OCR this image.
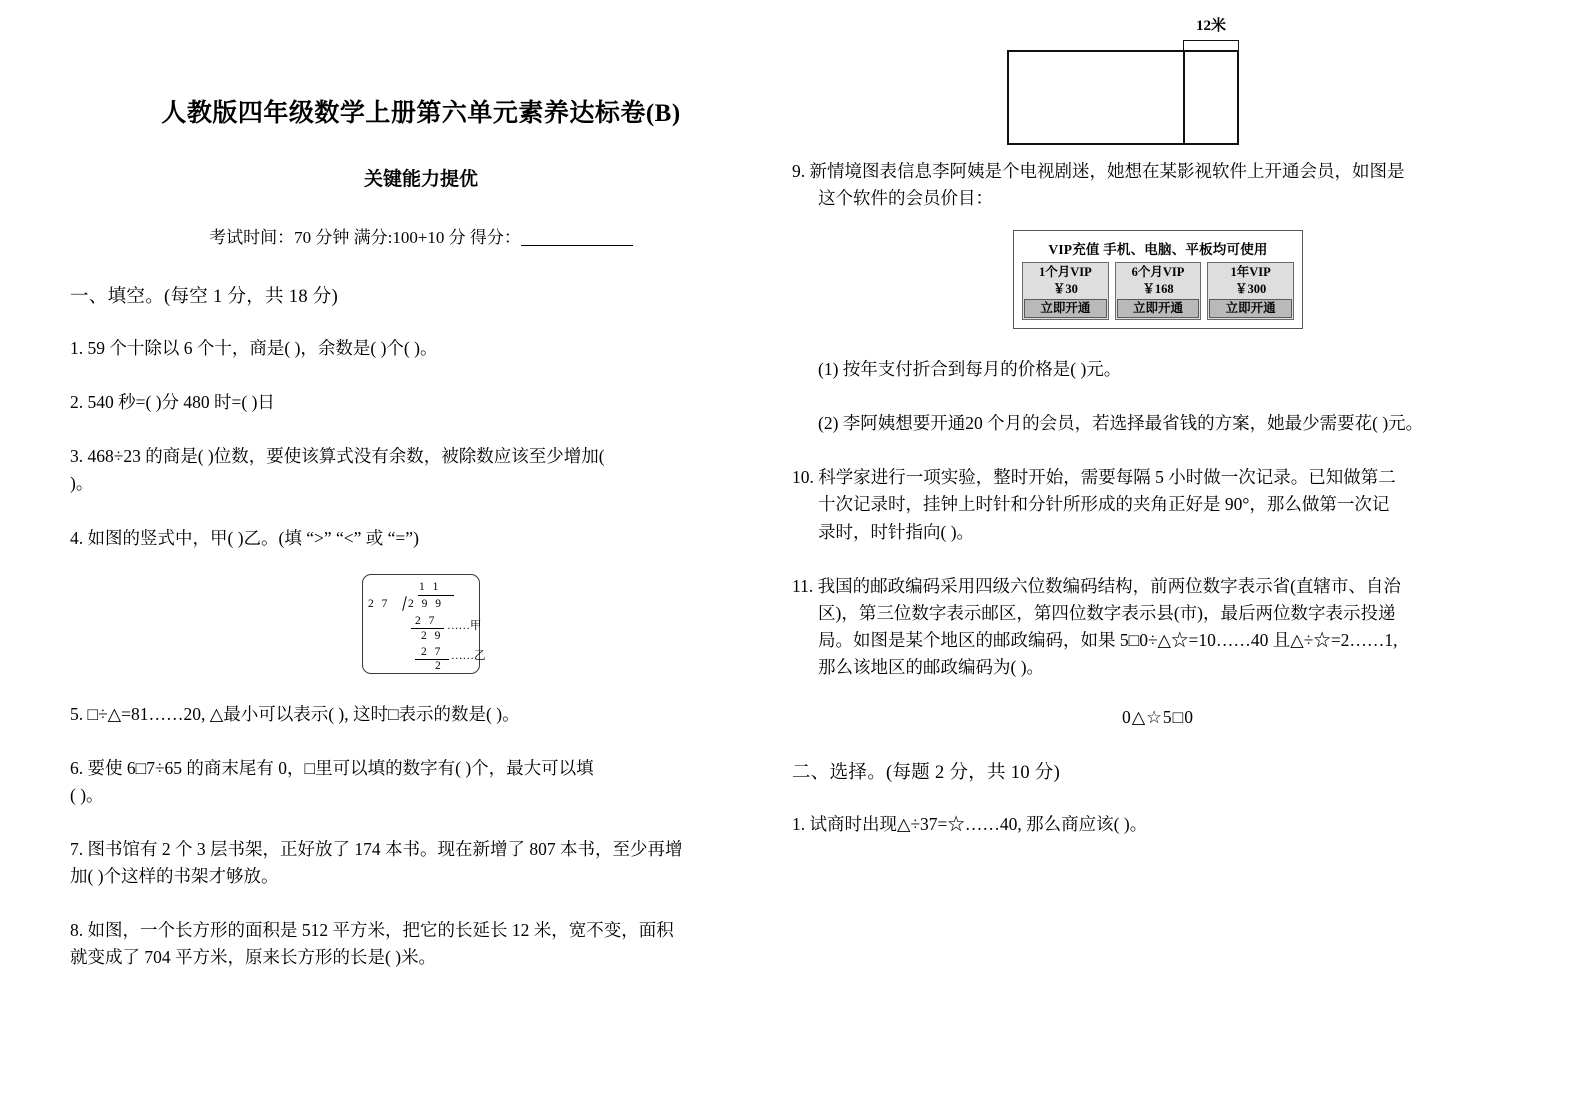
人教版四年级数学上册第六单元素养达标卷(B)
关键能力提优
考试时间：70 分钟 满分:100+10 分 得分：
一、填空。(每空 1 分，共 18 分)
1. 59 个十除以 6 个十，商是( )，余数是( )个( )。
2. 540 秒=( )分 480 时=( )日
3. 468÷23 的商是( )位数，要使该算式没有余数，被除数应该至少增加(
)。
4. 如图的竖式中，甲( )乙。(填 “>” “<” 或 “=”)
1 1
2 7 2 9 9
2 7 ……甲
2 9
2 7 ……乙
2
5. □÷△=81……20, △最小可以表示( ), 这时□表示的数是( )。
6. 要使 6□7÷65 的商末尾有 0，□里可以填的数字有( )个，最大可以填
( )。
7. 图书馆有 2 个 3 层书架，正好放了 174 本书。现在新增了 807 本书，至少再增
加( )个这样的书架才够放。
8. 如图，一个长方形的面积是 512 平方米，把它的长延长 12 米，宽不变，面积
就变成了 704 平方米，原来长方形的长是( )米。
12米
9. 新情境图表信息李阿姨是个电视剧迷，她想在某影视软件上开通会员，如图是
这个软件的会员价目：
VIP充值 手机、电脑、平板均可使用
1个月VIP
￥30
立即开通
6个月VIP
￥168
立即开通
1年VIP
￥300
立即开通
(1) 按年支付折合到每月的价格是( )元。
(2) 李阿姨想要开通20 个月的会员，若选择最省钱的方案，她最少需要花( )元。
10. 科学家进行一项实验，整时开始，需要每隔 5 小时做一次记录。已知做第二
十次记录时，挂钟上时针和分针所形成的夹角正好是 90°，那么做第一次记
录时，时针指向( )。
11. 我国的邮政编码采用四级六位数编码结构，前两位数字表示省(直辖市、自治
区)，第三位数字表示邮区，第四位数字表示县(市)，最后两位数字表示投递
局。如图是某个地区的邮政编码，如果 5□0÷△☆=10……40 且△÷☆=2……1,
那么该地区的邮政编码为( )。
0△☆5□0
二、选择。(每题 2 分，共 10 分)
1. 试商时出现△÷37=☆……40, 那么商应该( )。
